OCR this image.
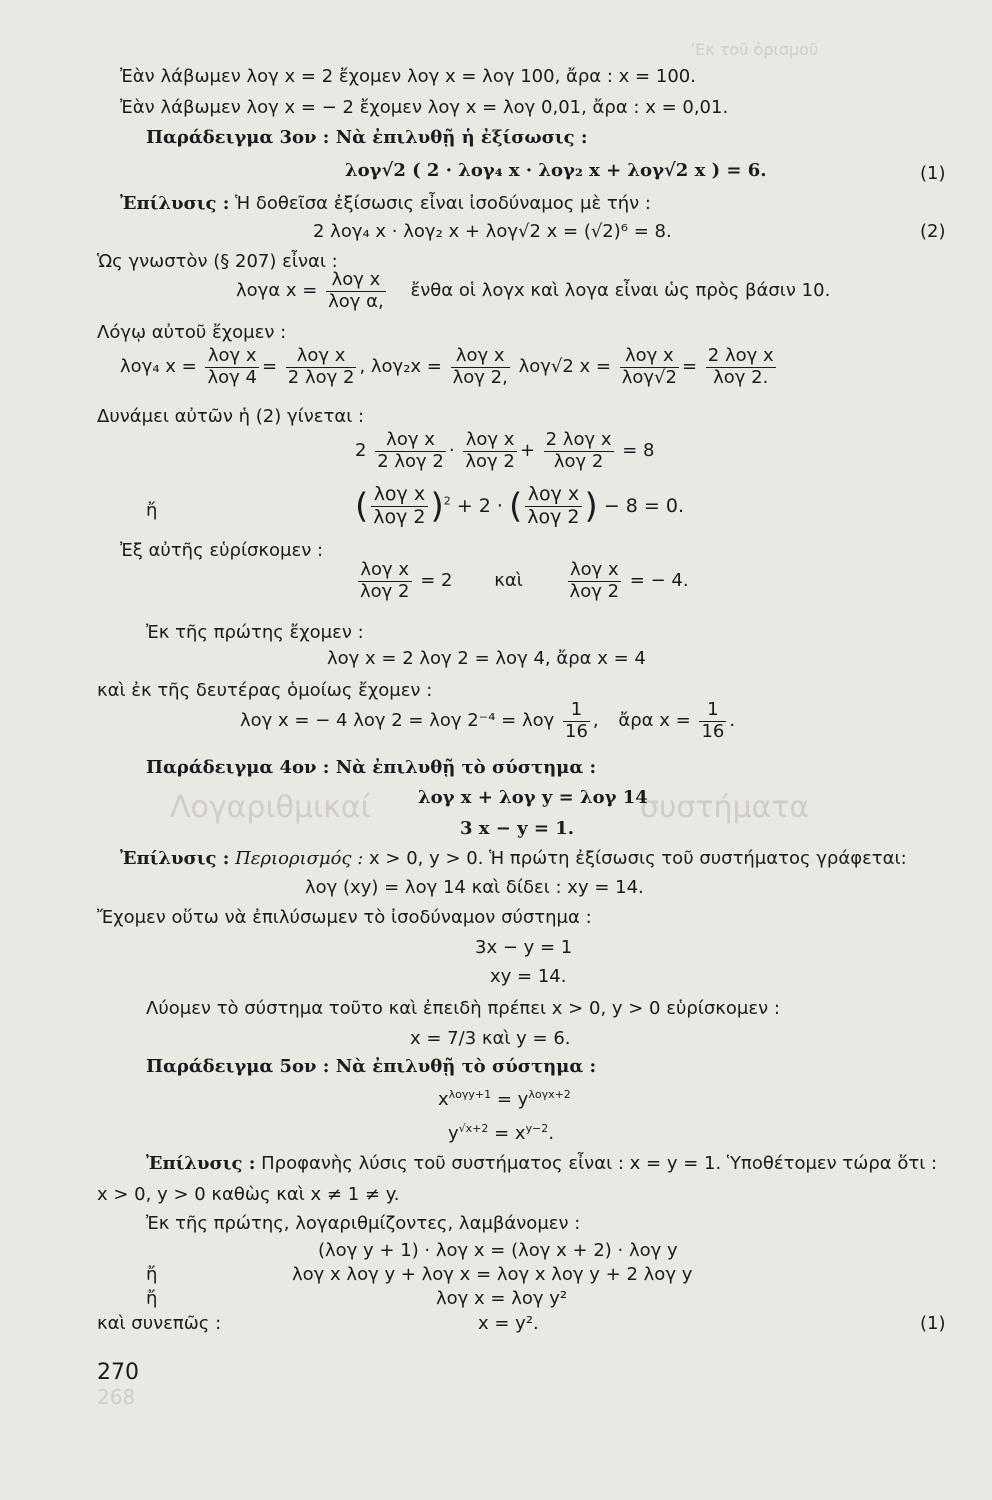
ʼΕκ τοῦ ὁρισμοῦ
Λογαριθμικαί	συστήματα
268
Ἐὰν λάβωμεν λογ x = 2 ἔχομεν λογ x = λογ 100, ἄρα : x = 100.
Ἐὰν λάβωμεν λογ x = − 2 ἔχομεν λογ x = λογ 0,01, ἄρα : x = 0,01.
Παράδειγμα 3ον : Νὰ ἐπιλυθῇ ἡ ἐξίσωσις :
λογ√2 ( 2 · λογ₄ x · λογ₂ x + λογ√2 x ) = 6.	(1)
Ἐπίλυσις : Ἡ δοθεῖσα ἐξίσωσις εἶναι ἰσοδύναμος μὲ τήν :
2 λογ₄ x · λογ₂ x + λογ√2 x = (√2)⁶ = 8.	(2)
Ὡς γνωστὸν (§ 207) εἶναι :
λογα x =
λογ x
λογ α, ἔνθα οἱ λογx καὶ λογα εἶναι ὡς πρὸς βάσιν 10.
Λόγῳ αὐτοῦ ἔχομεν :
λογ₄ x =
λογ x
λογ 4 =
λογ x
2 λογ 2 , λογ₂x =
λογ x
λογ 2, λογ√2 x =
λογ x
λογ√2 =
2 λογ x
λογ 2.
Δυνάμει αὐτῶν ἡ (2) γίνεται :
2
λογ x
2 λογ 2 ·
λογ x
λογ 2 +
2 λογ x
λογ 2	= 8
ἤ	( λογ x
λογ 2 )$^2$ + 2 · ( λογ x
λογ 2 ) − 8 = 0.
Ἐξ αὐτῆς εὑρίσκομεν :
λογ x
λογ 2 = 2 καὶ
λογ x
λογ 2 = − 4.
Ἐκ τῆς πρώτης ἔχομεν :
λογ x = 2 λογ 2 = λογ 4, ἄρα x = 4
καὶ ἐκ τῆς δευτέρας ὁμοίως ἔχομεν :
λογ x = − 4 λογ 2 = λογ 2⁻⁴ = λογ $\frac{1}{16}$ , ἄρα $x = \frac{1}{16}$ .
Παράδειγμα 4ον : Νὰ ἐπιλυθῇ τὸ σύστημα :
λογ x + λογ y = λογ 14
3 x − y = 1.
Ἐπίλυσις : Περιορισμός : x > 0, y > 0. Ἡ πρώτη ἐξίσωσις τοῦ συστήματος γράφεται:
λογ (xy) = λογ 14 καὶ δίδει : xy = 14.
Ἔχομεν οὕτω νὰ ἐπιλύσωμεν τὸ ἰσοδύναμον σύστημα :
3x − y = 1
xy = 14.
Λύομεν τὸ σύστημα τοῦτο καὶ ἐπειδὴ πρέπει x > 0, y > 0 εὑρίσκομεν :
x = 7/3 καὶ y = 6.
Παράδειγμα 5ον : Νὰ ἐπιλυθῇ τὸ σύστημα :
$x^{\lambda o\gamma y+1} = y^{\lambda o\gamma x+2}$
$y^{√x+2} = x^{y-2}$.
Ἐπίλυσις : Προφανὴς λύσις τοῦ συστήματος εἶναι : x = y = 1. Ὑποθέτομεν τώρα ὅτι :
x > 0, y > 0 καθὼς καὶ x ≠ 1 ≠ y.
Ἐκ τῆς πρώτης, λογαριθμίζοντες, λαμβάνομεν :
(λογ y + 1) · λογ x = (λογ x + 2) · λογ y
ἤ	λογ x λογ y + λογ x = λογ x λογ y + 2 λογ y
ἤ	λογ x = λογ y²
καὶ συνεπῶς :	x = y².	(1)
270
